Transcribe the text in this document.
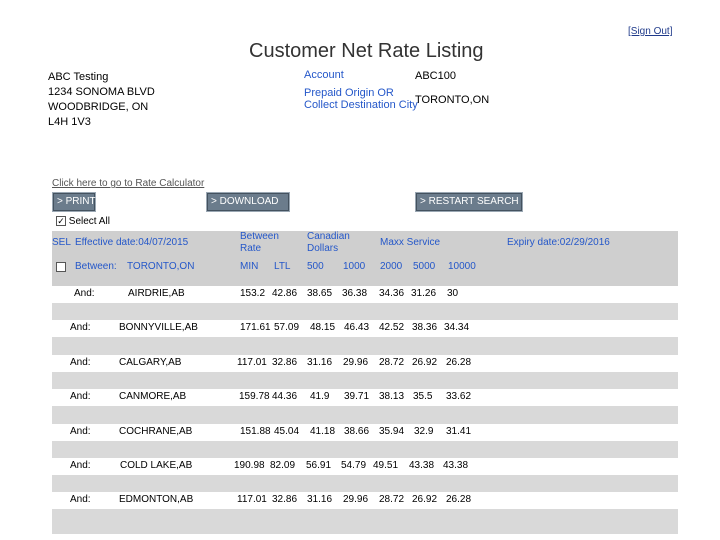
[Sign Out]
Customer Net Rate Listing
ABC Testing
1234 SONOMA BLVD
WOODBRIDGE, ON
L4H 1V3
Account
Prepaid Origin OR
Collect Destination City
ABC100
TORONTO,ON
Click here to go to Rate Calculator
> PRINT	> DOWNLOAD	> RESTART SEARCH
✓ Select All
SEL Effective date:04/07/2015
Between
Rate
Canadian
Dollars
Maxx Service	Expiry date:02/29/2016
Between: TORONTO,ON	MIN LTL 500 1000 2000 5000 10000
And:	AIRDRIE,AB	153.2 42.86 38.65 36.38 34.36 31.26 30
And:	BONNYVILLE,AB	171.61 57.09 48.15 46.43 42.52 38.36 34.34
And:	CALGARY,AB	117.01 32.86 31.16 29.96 28.72 26.92 26.28
And:	CANMORE,AB	159.78 44.36 41.9 39.71 38.13 35.5 33.62
And:	COCHRANE,AB	151.88 45.04 41.18 38.66 35.94 32.9 31.41
And:	COLD LAKE,AB	190.98 82.09 56.91 54.79 49.51 43.38 43.38
And:	EDMONTON,AB	117.01 32.86 31.16 29.96 28.72 26.92 26.28
